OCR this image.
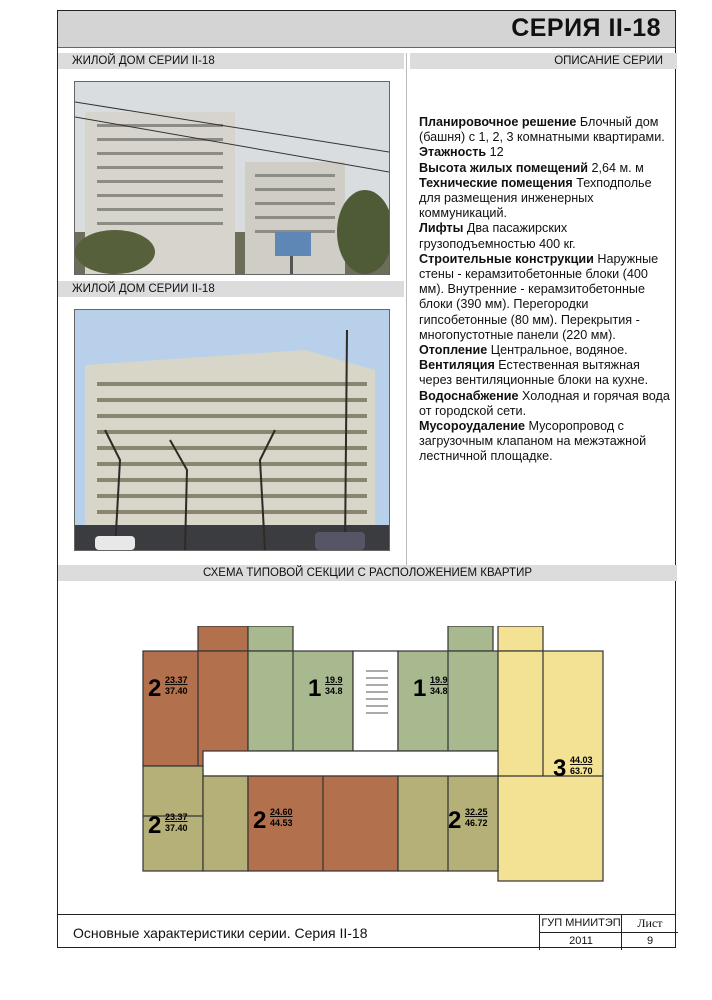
СЕРИЯ II-18
ЖИЛОЙ ДОМ СЕРИИ II-18	ОПИСАНИЕ СЕРИИ
ЖИЛОЙ ДОМ СЕРИИ II-18

Планировочное решение Блочный дом (башня) с 1, 2, 3 комнатными квартирами.

Этажность 12

Высота жилых помещений 2,64 м. м

Технические помещения Техподполье для размещения инженерных коммуникаций.

Лифты Два пасажирских грузоподъемностью 400 кг.

Строительные конструкции Наружные стены - керамзитобетонные блоки (400 мм). Внутренние - керамзитобетонные блоки (390 мм). Перегородки гипсобетонные (80 мм). Перекрытия - многопустотные панели (220 мм).

Отопление Центральное, водяное.

Вентиляция Естественная вытяжная через вентиляционные блоки на кухне.

Водоснабжение Холодная и горячая вода от городской сети.

Мусороудаление Мусоропровод с загрузочным клапаном на межэтажной лестничной площадке.

СХЕМА ТИПОВОЙ СЕКЦИИ С РАСПОЛОЖЕНИЕМ КВАРТИР
2 23.37
37.40	1 19.9
34.8	1 19.9
34.8
3 44.03
63.70
2 23.37
37.40	2 24.60
44.53	2 32.25
46.72
Основные характеристики серии. Серия II-18
ГУП МНИИТЭП
2011
Лист
9
